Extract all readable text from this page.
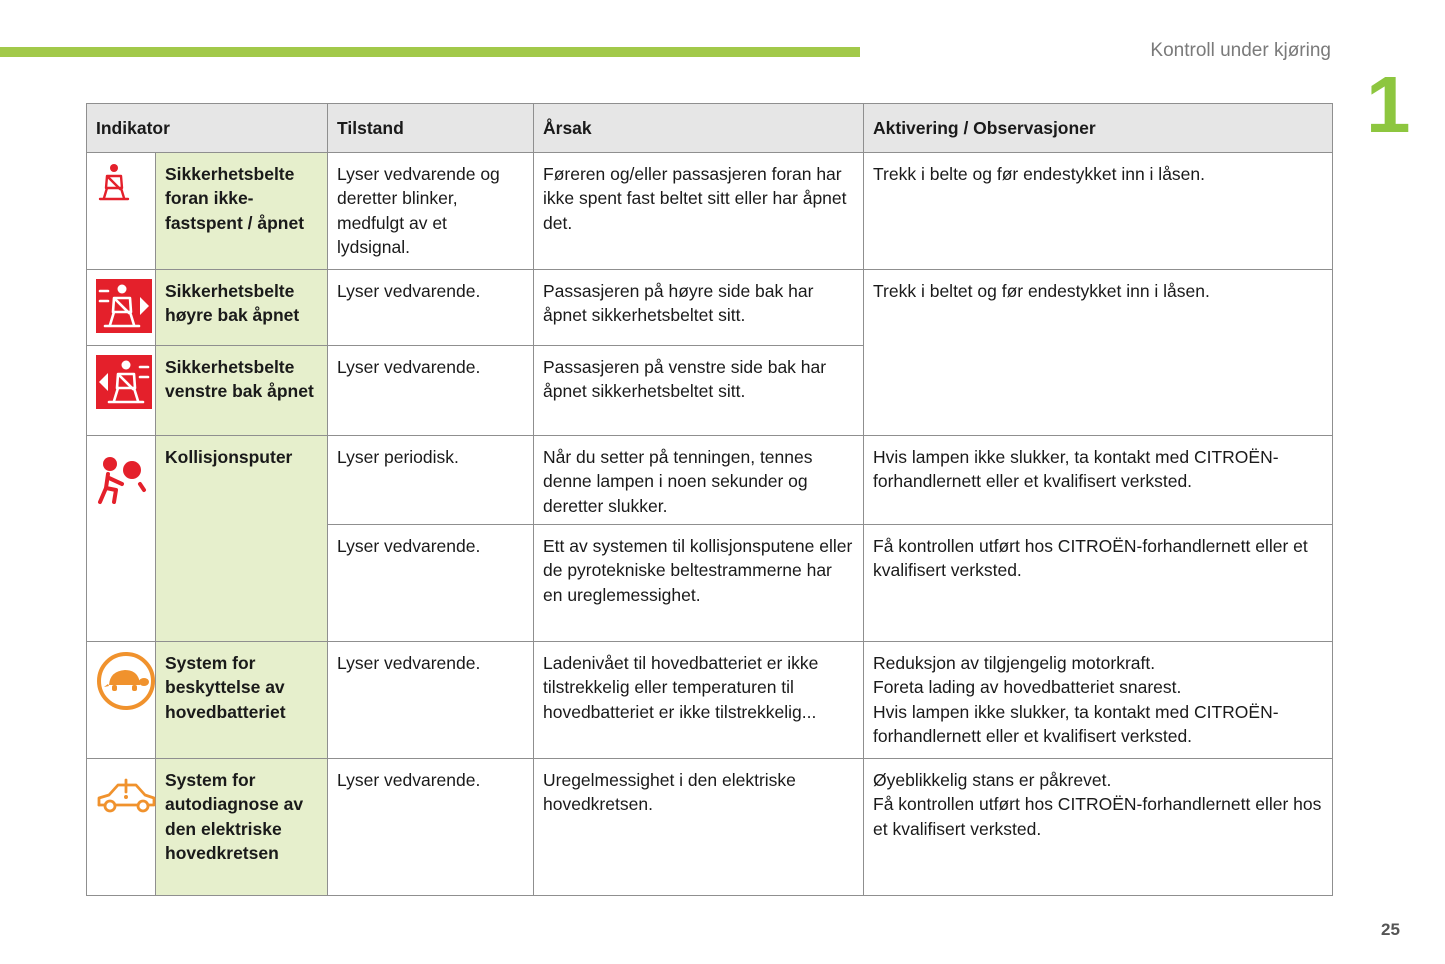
Kontroll under kjøring
1
25
Indikator		Tilstand	Årsak	Aktivering / Observasjoner
	Sikkerhetsbelte foran ikke-fastspent / åpnet	Lyser vedvarende og deretter blinker, medfulgt av et lydsignal.	Føreren og/eller passasjeren foran har ikke spent fast beltet sitt eller har åpnet det.	Trekk i belte og før endestykket inn i låsen.
	Sikkerhetsbelte høyre bak åpnet	Lyser vedvarende.	Passasjeren på høyre side bak har åpnet sikkerhetsbeltet sitt.	Trekk i beltet og før endestykket inn i låsen.
	Sikkerhetsbelte venstre bak åpnet	Lyser vedvarende.	Passasjeren på venstre side bak har åpnet sikkerhetsbeltet sitt.	
	Kollisjonsputer	Lyser periodisk.	Når du setter på tenningen, tennes denne lampen i noen sekunder og deretter slukker.	Hvis lampen ikke slukker, ta kontakt med CITROËN-forhandlernett eller et kvalifisert verksted.
		Lyser vedvarende.	Ett av systemen til kollisjonsputene eller de pyrotekniske beltestrammerne har en ureglemessighet.	Få kontrollen utført hos CITROËN-forhandlernett eller et kvalifisert verksted.
	System for beskyttelse av hovedbatteriet	Lyser vedvarende.	Ladenivået til hovedbatteriet er ikke tilstrekkelig eller temperaturen til hovedbatteriet er ikke tilstrekkelig...	Reduksjon av tilgjengelig motorkraft.
Foreta lading av hovedbatteriet snarest.
Hvis lampen ikke slukker, ta kontakt med CITROËN-forhandlernett eller et kvalifisert verksted.

	System for autodiagnose av den elektriske hovedkretsen	Lyser vedvarende.	Uregelmessighet i den elektriske hovedkretsen.	Øyeblikkelig stans er påkrevet.
Få kontrollen utført hos CITROËN-forhandlernett eller hos et kvalifisert verksted.
